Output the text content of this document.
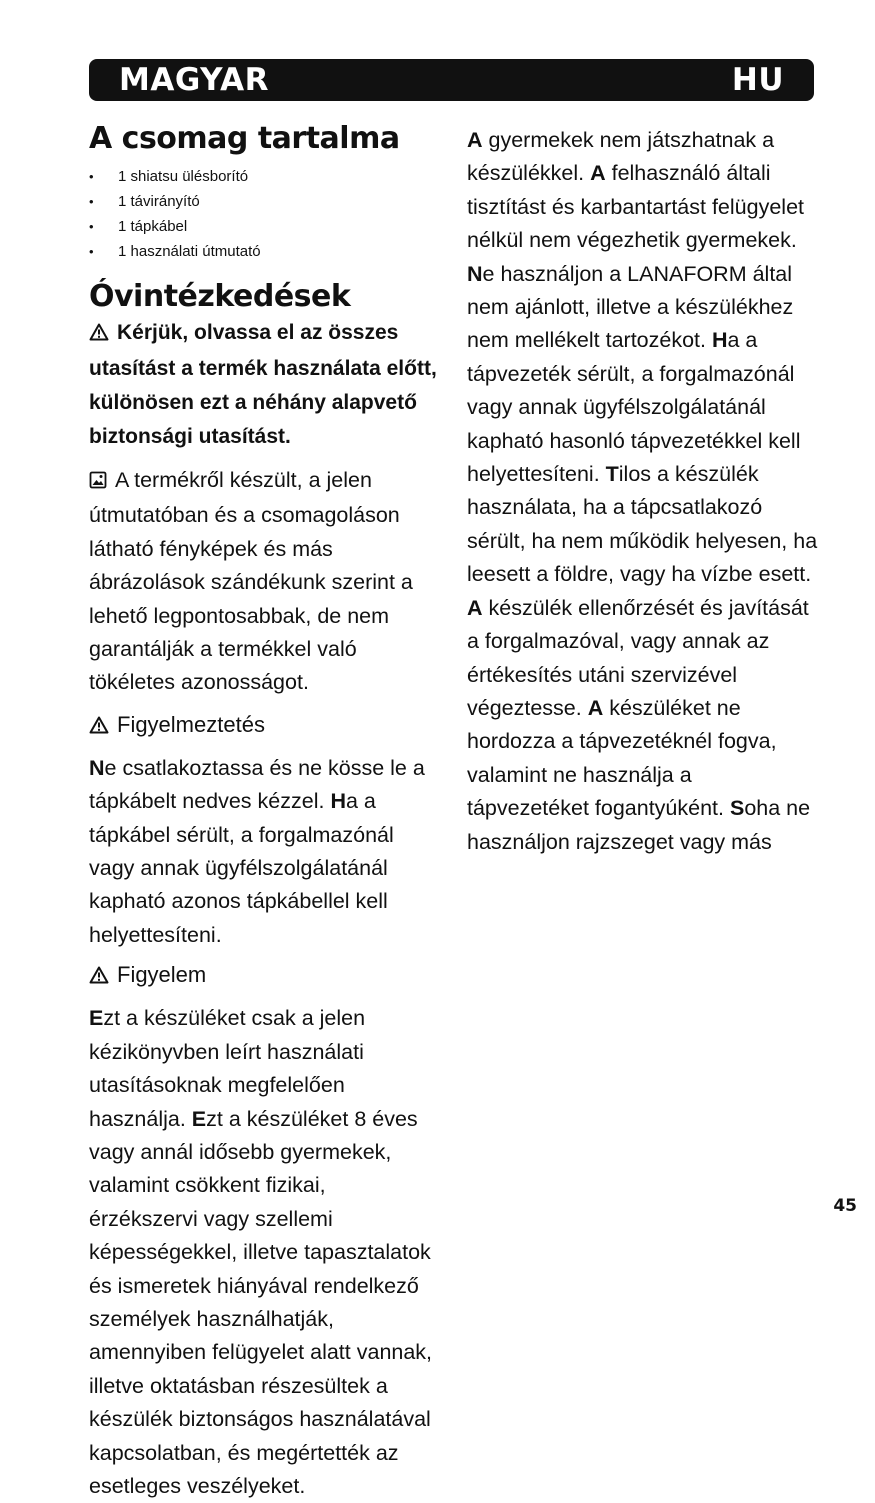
MAGYAR	HU
A csomag tartalma
•	1 shiatsu ülésborító
•	1 távirányító
•	1 tápkábel
•	1 használati útmutató
Óvintézkedések

Kérjük, olvassa el az összes utasítást a termék használata előtt, különösen ezt a néhány alapvető biztonsági utasítást.

A termékről készült, a jelen útmutatóban és a csomagoláson látható fényképek és más ábrázolások szándékunk szerint a lehető legpontosabbak, de nem garantálják a termékkel való tökéletes azonosságot.

Figyelmeztetés

Ne csatlakoztassa és ne kösse le a tápkábelt nedves kézzel. Ha a tápkábel sérült, a forgalmazónál vagy annak ügyfélszolgálatánál kapható azonos tápkábellel kell helyettesíteni.

Figyelem

Ezt a készüléket csak a jelen kézikönyvben leírt használati utasításoknak megfelelően használja. Ezt a készüléket 8 éves vagy annál idősebb gyermekek, valamint csökkent fizikai, érzékszervi vagy szellemi képességekkel, illetve tapasztalatok és ismeretek hiányával rendelkező személyek használhatják, amennyiben felügyelet alatt vannak, illetve oktatásban részesültek a készülék biztonságos használatával kapcsolatban, és megértették az esetleges veszélyeket.

A gyermekek nem játszhatnak a készülékkel. A felhasználó általi tisztítást és karbantartást felügyelet nélkül nem végezhetik gyermekek. Ne használjon a LANAFORM által nem ajánlott, illetve a készülékhez nem mellékelt tartozékot. Ha a tápvezeték sérült, a forgalmazónál vagy annak ügyfélszolgálatánál kapható hasonló tápvezetékkel kell helyettesíteni. Tilos a készülék használata, ha a tápcsatlakozó sérült, ha nem működik helyesen, ha leesett a földre, vagy ha vízbe esett. A készülék ellenőrzését és javítását a forgalmazóval, vagy annak az értékesítés utáni szervizével végeztesse. A készüléket ne hordozza a tápvezetéknél fogva, valamint ne használja a tápvezetéket fogantyúként. Soha ne használjon rajzszeget vagy más

45
